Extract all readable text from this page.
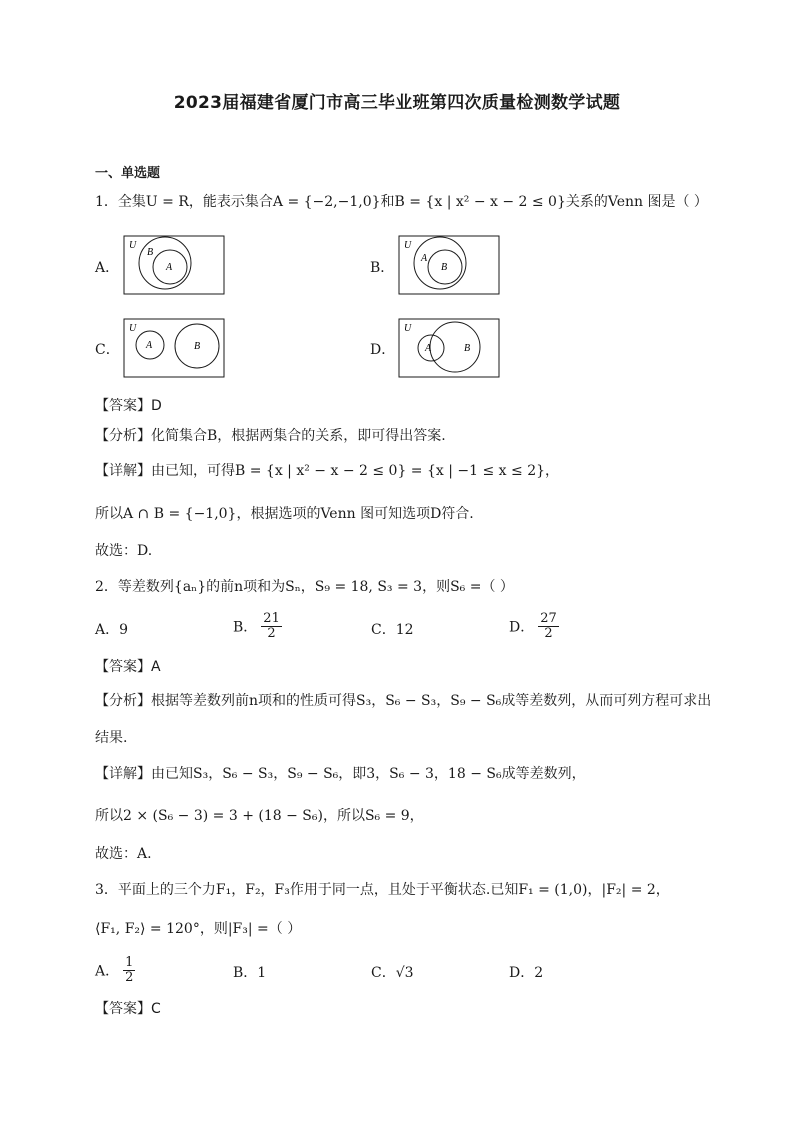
2023届福建省厦门市高三毕业班第四次质量检测数学试题
一、单选题
1．全集U = R，能表示集合A = {−2,−1,0}和B = {x | x² − x − 2 ≤ 0}关系的Venn 图是（ ）
A．
U
B
A	B．
U
A
B
C．
U
A	B	D．
U
A	B
【答案】D
【分析】化简集合B，根据两集合的关系，即可得出答案.
【详解】由已知，可得B = {x | x² − x − 2 ≤ 0} = {x | −1 ≤ x ≤ 2}，
所以A ∩ B = {−1,0}，根据选项的Venn 图可知选项D符合.
故选：D.
2．等差数列{aₙ}的前n项和为Sₙ，S₉ = 18, S₃ = 3，则S₆ =（ ）
A．9	B． $\frac{21}{2}$	C．12	D． $\frac{27}{2}$
【答案】A
【分析】根据等差数列前n项和的性质可得S₃，S₆ − S₃，S₉ − S₆成等差数列，从而可列方程可求出
结果.
【详解】由已知S₃，S₆ − S₃，S₉ − S₆，即3，S₆ − 3，18 − S₆成等差数列，
所以2 × (S₆ − 3) = 3 + (18 − S₆)，所以S₆ = 9，
故选：A.
3．平面上的三个力F₁，F₂，F₃作用于同一点，且处于平衡状态.已知F₁ = (1,0)，|F₂| = 2，
⟨F₁, F₂⟩ = 120°，则|F₃| =（ ）
A． $\frac{1}{2}$	B．1	C．√3	D．2
【答案】C
